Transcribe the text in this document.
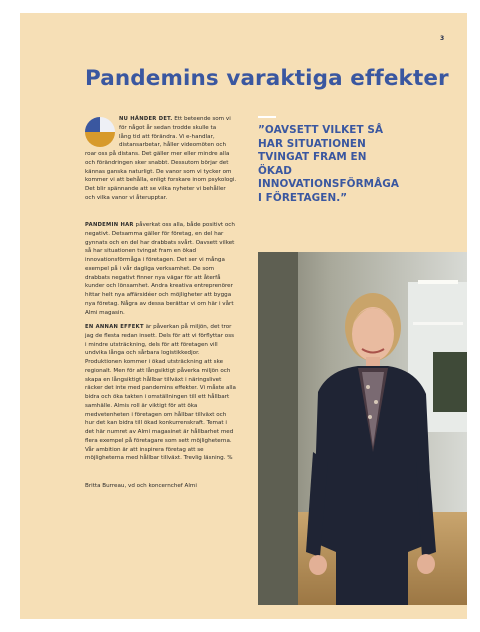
3
Pandemins varaktiga effekter

NU HÄNDER DET. Ett beteende som vi

för något år sedan trodde skulle ta

lång tid att förändra. Vi e-handlar,

distansarbetar, håller videomöten och

roar oss på distans. Det gäller mer eller mindre alla och förändringen sker snabbt. Dessutom börjar det kännas ganska naturligt. De vanor som vi tycker om kommer vi att behålla, enligt forskare inom psykologi. Det blir spännande att se vilka nyheter vi behåller och vilka vanor vi återupptar.

PANDEMIN HAR påverkat oss alla, både positivt och negativt. Detsamma gäller för företag, en del har gynnats och en del har drabbats svårt. Oavsett vilket så har situationen tvingat fram en ökad innovationsförmåga i företagen. Det ser vi många exempel på i vår dagliga verksamhet. De som drabbats negativt finner nya vägar för att återfå kunder och lönsamhet. Andra kreativa entreprenörer hittar helt nya affärsidéer och möjligheter att bygga nya företag. Några av dessa berättar vi om här i vårt Almi magasin.

EN ANNAN EFFEKT är påverkan på miljön, det tror jag de flesta redan insett. Dels för att vi förflyttar oss i mindre utsträckning, dels för att företagen vill undvika långa och sårbara logistikkedjor. Produktionen kommer i ökad utsträckning att ske regionalt. Men för att långsiktigt påverka miljön och skapa en långsiktigt hållbar tillväxt i näringslivet räcker det inte med pandemins effekter. Vi måste alla bidra och öka takten i omställningen till ett hållbart samhälle. Almis roll är viktigt för att öka medvetenheten i företagen om hållbar tillväxt och hur det kan bidra till ökad konkurrenskraft. Temat i det här numret av Almi magasinet är hållbarhet med flera exempel på företagare som sett möjligheterna. Vår ambition är att inspirera företag att se möjligheterna med hållbar tillväxt. Trevlig läsning. %

Britta Burreau, vd och koncernchef Almi
”OAVSETT VILKET SÅ HAR SITUATIONEN TVINGAT FRAM EN ÖKAD INNOVATIONSFÖRMÅGA I FÖRETAGEN.”
